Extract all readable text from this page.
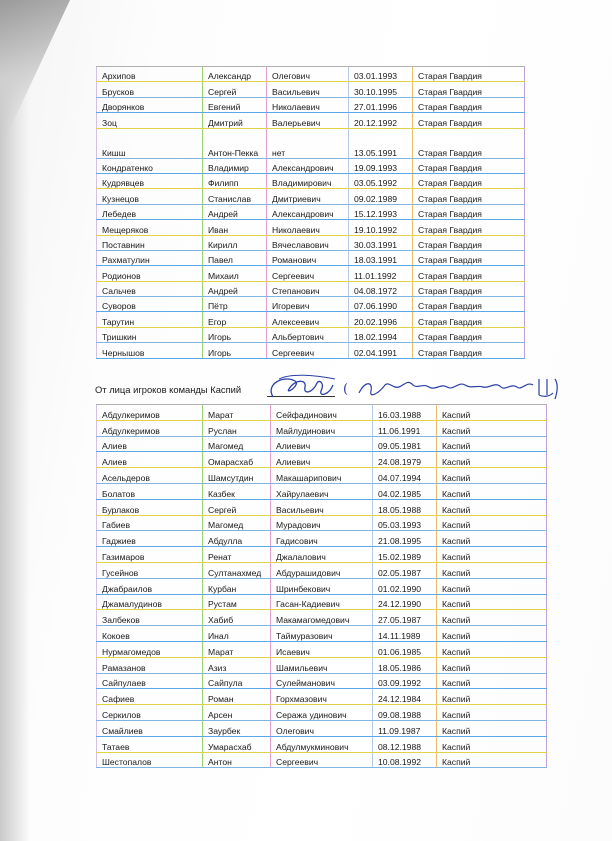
Архипов	Александр	Олегович	03.01.1993	Старая Гвардия
Брусков	Сергей	Васильевич	30.10.1995	Старая Гвардия
Дворянков	Евгений	Николаевич	27.01.1996	Старая Гвардия
Зоц	Дмитрий	Валерьевич	20.12.1992	Старая Гвардия
Кишш	Антон-Пекка	нет	13.05.1991	Старая Гвардия
Кондратенко	Владимир	Александрович	19.09.1993	Старая Гвардия
Кудрявцев	Филипп	Владимирович	03.05.1992	Старая Гвардия
Кузнецов	Станислав	Дмитриевич	09.02.1989	Старая Гвардия
Лебедев	Андрей	Александрович	15.12.1993	Старая Гвардия
Мещеряков	Иван	Николаевич	19.10.1992	Старая Гвардия
Поставнин	Кирилл	Вячеславович	30.03.1991	Старая Гвардия
Рахматулин	Павел	Романович	18.03.1991	Старая Гвардия
Родионов	Михаил	Сергеевич	11.01.1992	Старая Гвардия
Сальчев	Андрей	Степанович	04.08.1972	Старая Гвардия
Суворов	Пётр	Игоревич	07.06.1990	Старая Гвардия
Тарутин	Егор	Алексеевич	20.02.1996	Старая Гвардия
Тришкин	Игорь	Альбертович	18.02.1994	Старая Гвардия
Чернышов	Игорь	Сергеевич	02.04.1991	Старая Гвардия
От лица игроков команды Каспий	(
Абдулкеримов	Марат	Сейфадинович	16.03.1988	Каспий
Абдулкеримов	Руслан	Майлудинович	11.06.1991	Каспий
Алиев	Магомед	Алиевич	09.05.1981	Каспий
Алиев	Омарасхаб	Алиевич	24.08.1979	Каспий
Асельдеров	Шамсутдин	Макашарипович	04.07.1994	Каспий
Болатов	Казбек	Хайрулаевич	04.02.1985	Каспий
Бурлаков	Сергей	Васильевич	18.05.1988	Каспий
Габиев	Магомед	Мурадович	05.03.1993	Каспий
Гаджиев	Абдулла	Гадисович	21.08.1995	Каспий
Газимаров	Ренат	Джалалович	15.02.1989	Каспий
Гусейнов	Султанахмед	Абдурашидович	02.05.1987	Каспий
Джабраилов	Курбан	Шринбекович	01.02.1990	Каспий
Джамалудинов	Рустам	Гасан-Кадиевич	24.12.1990	Каспий
Залбеков	Хабиб	Макамагомедович	27.05.1987	Каспий
Кокоев	Инал	Таймуразович	14.11.1989	Каспий
Нурмагомедов	Марат	Исаевич	01.06.1985	Каспий
Рамазанов	Азиз	Шамильевич	18.05.1986	Каспий
Сайпулаев	Сайпула	Сулейманович	03.09.1992	Каспий
Сафиев	Роман	Горхмазович	24.12.1984	Каспий
Серкилов	Арсен	Сеража удинович	09.08.1988	Каспий
Смайлиев	Заурбек	Олегович	11.09.1987	Каспий
Татаев	Умарасхаб	Абдулмукминович	08.12.1988	Каспий
Шестопалов	Антон	Сергеевич	10.08.1992	Каспий
